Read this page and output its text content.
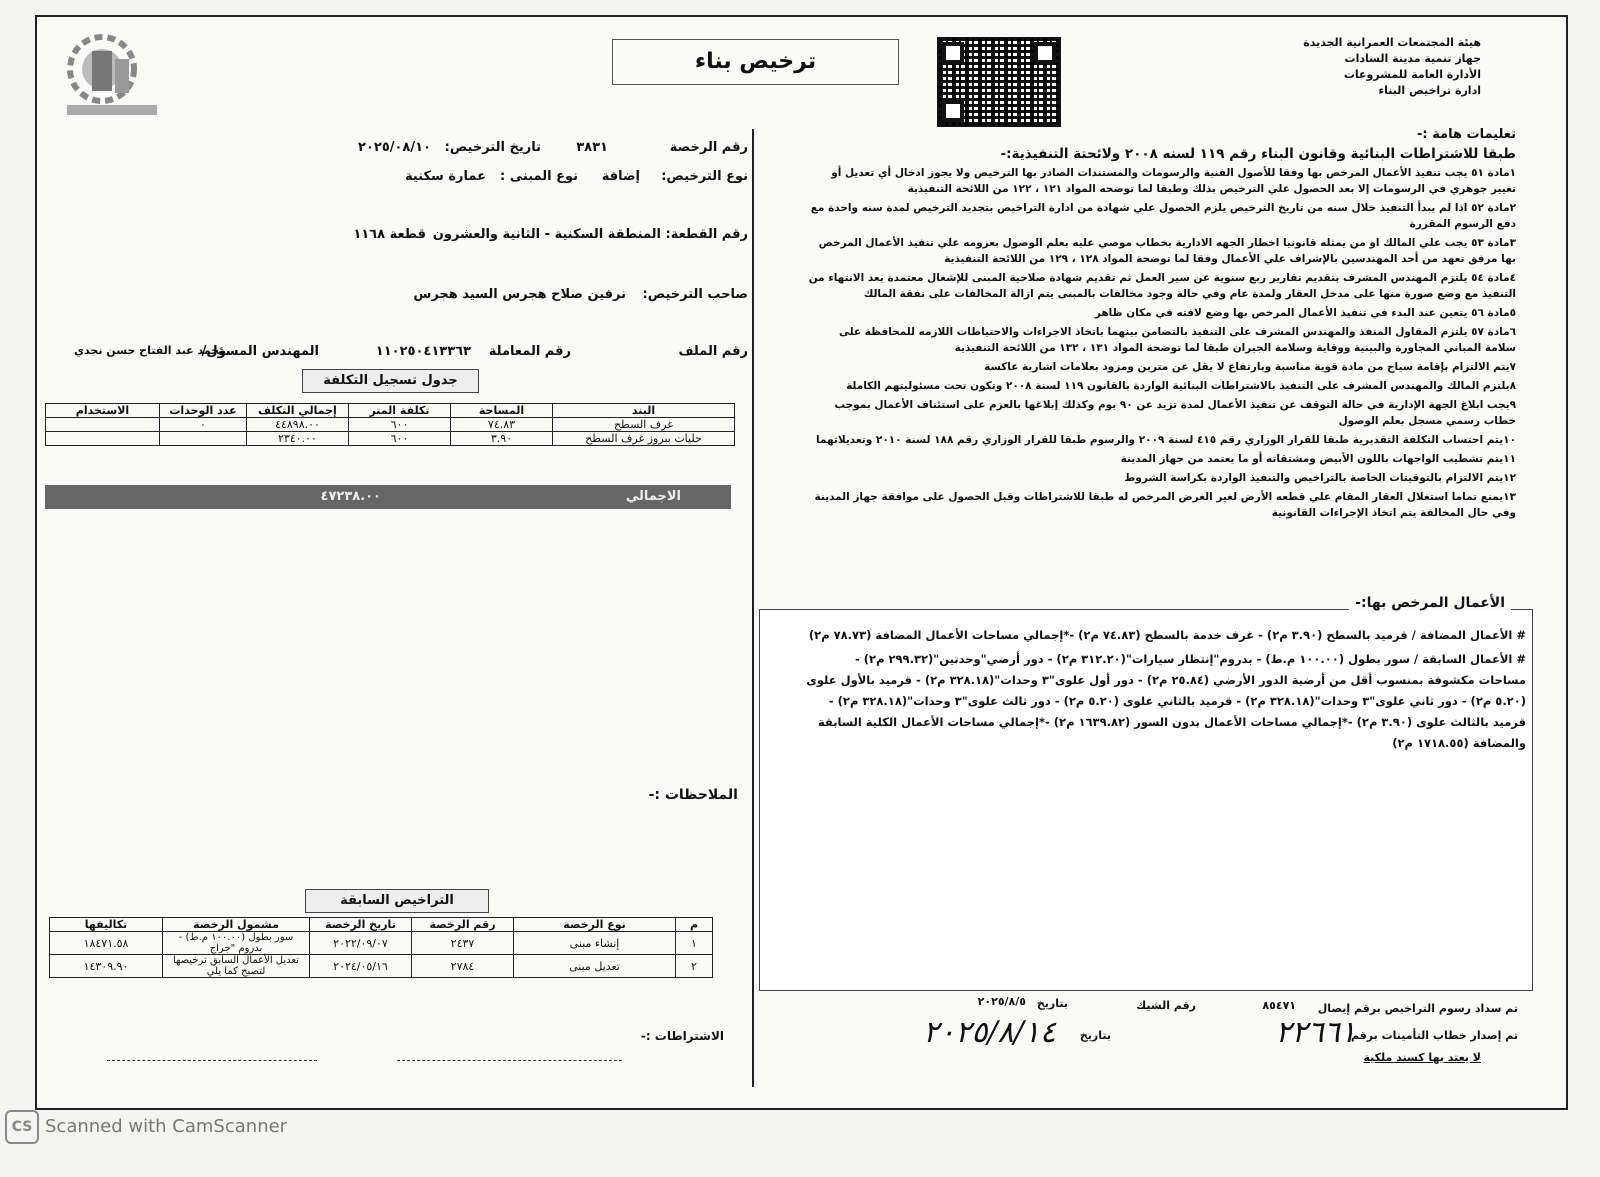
ترخيص بناء
هيئة المجتمعات العمرانية الجديدة
جهاز تنمية مدينة السادات
الأدارة العامة للمشروعات
ادارة تراخيص البناء
رقم الرخصة
٣٨٣١
تاريخ الترخيص:
٢٠٢٥/٠٨/١٠
نوع الترخيص:
إضافة
نوع المبنى :
عمارة سكنية
رقم القطعة:
المنطقة السكنية - الثانية والعشرون
قطعة ١١٦٨
صاحب الترخيص:
نرفين صلاح هجرس السيد هجرس
رقم الملف
رقم المعاملة
١١٠٢٥٠٤١٣٣٦٣
المهندس المسؤل/
محمد عبد الفتاح حسن نجدي
جدول تسجيل التكلفة
البند	المساحة	تكلفة المتر	إجمالي التكلف	عدد الوحدات	الاستخدام
غرف السطح	٧٤.٨٣	٦٠٠	٤٤٨٩٨.٠٠	٠	
حليات ببروز غرف السطح	٣.٩٠	٦٠٠	٢٣٤٠.٠٠		
الاجمالي
٤٧٢٣٨.٠٠
الملاحظات :-
التراخيص السابقة
م	نوع الرخصة	رقم الرخصة	تاريخ الرخصة	مشمول الرخصة	تكاليفها
١	إنشاء مبنى	٢٤٣٧	٢٠٢٢/٠٩/٠٧	سور بطول (١٠٠.٠٠ م.ط) - بدروم "جراج	١٨٤٧١.٥٨
٢	تعديل مبنى	٢٧٨٤	٢٠٢٤/٠٥/١٦	تعديل الأعمال السابق ترخيصها لتصبح كما يلي	١٤٣٠٩.٩٠
الاشتراطات :-

تعليمات هامة :-

طبقا للاشتراطات البنائية وقانون البناء رقم ١١٩ لسنه ٢٠٠٨ ولائحتة التنفيذية:-

١مادة ٥١ يجب تنفيذ الأعمال المرخص بها وفقا للأصول الفنية والرسومات والمستندات الصادر بها الترخيص ولا يجوز ادخال أي تعديل أو تغيير جوهري في الرسومات إلا بعد الحصول علي الترخيص بذلك وطبقا لما توضحه المواد ١٢١ ، ١٢٢ من اللائحة التنفيذية

٢مادة ٥٢ اذا لم يبدأ التنفيذ خلال سنه من تاريخ الترخيص يلزم الحصول علي شهادة من ادارة التراخيص بتجديد الترخيص لمدة سنه واحدة مع دفع الرسوم المقررة

٣مادة ٥٣ يجب علي المالك او من يمثله قانونيا اخطار الجهه الادارية بخطاب موصي عليه بعلم الوصول بعزومه علي تنفيذ الأعمال المرخص بها مرفق تعهد من أحد المهندسين بالإشراف علي الأعمال وفقا لما توضحة المواد ١٢٨ ، ١٢٩ من اللائحة التنفيذية

٤مادة ٥٤ يلتزم المهندس المشرف بتقديم تقارير ربع سنوية عن سير العمل ثم تقديم شهادة صلاحية المبنى للإشغال معتمدة بعد الانتهاء من التنفيذ مع وضع صورة منها على مدخل العقار ولمدة عام وفي حالة وجود مخالفات بالمبنى يتم ازالة المخالفات على نفقة المالك

٥مادة ٥٦ يتعين عند البدء في تنفيذ الأعمال المرخص بها وضع لافته في مكان ظاهر

٦مادة ٥٧ يلتزم المقاول المنفذ والمهندس المشرف على التنفيذ بالتضامن بينهما باتخاذ الاجراءات والاحتياطات اللازمه للمحافظة على سلامة المباني المجاورة والبينية ووقاية وسلامة الجيران طبقا لما توضحة المواد ١٣١ ، ١٣٢ من اللائحة التنفيذية

٧يتم الالتزام بإقامة سياج من مادة قوية مناسبة وبارتفاع لا يقل عن مترين ومزود بعلامات اشارية عاكسة

٨يلتزم المالك والمهندس المشرف على التنفيذ بالاشتراطات البنائية الواردة بالقانون ١١٩ لسنة ٢٠٠٨ وتكون تحت مسئوليتهم الكاملة

٩يجب ابلاغ الجهة الإدارية في حالة التوقف عن تنفيذ الأعمال لمدة تزيد عن ٩٠ يوم وكذلك إبلاغها بالعزم على استئناف الأعمال بموجب خطاب رسمي مسجل بعلم الوصول

١٠يتم احتساب التكلفة التقديرية طبقا للقرار الوزاري رقم ٤١٥ لسنة ٢٠٠٩ والرسوم طبقا للقرار الوزاري رقم ١٨٨ لسنة ٢٠١٠ وتعديلاتهما

١١يتم تشطيب الواجهات باللون الأبيض ومشتقاته أو ما يعتمد من جهاز المدينة

١٢يتم الالتزام بالتوقيتات الخاصة بالتراخيص والتنفيذ الواردة بكراسة الشروط

١٣يمنع تماما استغلال العقار المقام علي قطعه الأرض لغير الغرض المرخص له طبقا للاشتراطات وقبل الحصول على موافقة جهاز المدينة وفي حال المخالفة يتم اتخاذ الإجراءات القانونية

الأعمال المرخص بها:-

# الأعمال المضافة / قرميد بالسطح (٣.٩٠ م٢) - غرف خدمة بالسطح (٧٤.٨٣ م٢) -*إجمالي مساحات الأعمال المضافة (٧٨.٧٣ م٢)

# الأعمال السابقة / سور بطول (١٠٠.٠٠ م.ط) - بدروم"إنتظار سيارات"(٣١٢.٢٠ م٢) - دور أرضي"وحدتين"(٢٩٩.٣٢ م٢) - مساحات مكشوفة بمنسوب أقل من أرضية الدور الأرضي (٢٥.٨٤ م٢) - دور أول علوى"٣ وحدات"(٣٢٨.١٨ م٢) - قرميد بالأول علوى (٥.٢٠ م٢) - دور ثاني علوى"٣ وحدات"(٣٢٨.١٨ م٢) - قرميد بالثاني علوى (٥.٢٠ م٢) - دور ثالث علوى"٣ وحدات"(٣٢٨.١٨ م٢) - قرميد بالثالث علوى (٣.٩٠ م٢) -*إجمالي مساحات الأعمال بدون السور (١٦٣٩.٨٢ م٢) -*إجمالي مساحات الأعمال الكلية السابقة والمضافة (١٧١٨.٥٥ م٢)

تم سداد رسوم التراخيص برقم إيصال
٨٥٤٧١
رقم الشيك
بتاريخ
٢٠٢٥/٨/٥
تم إصدار خطاب التأمينات برقم
٢٢٦٦١
بتاريخ
٢٠٢٥/٨/١٤
لا يعتد بها كسند ملكية
CS Scanned with CamScanner
